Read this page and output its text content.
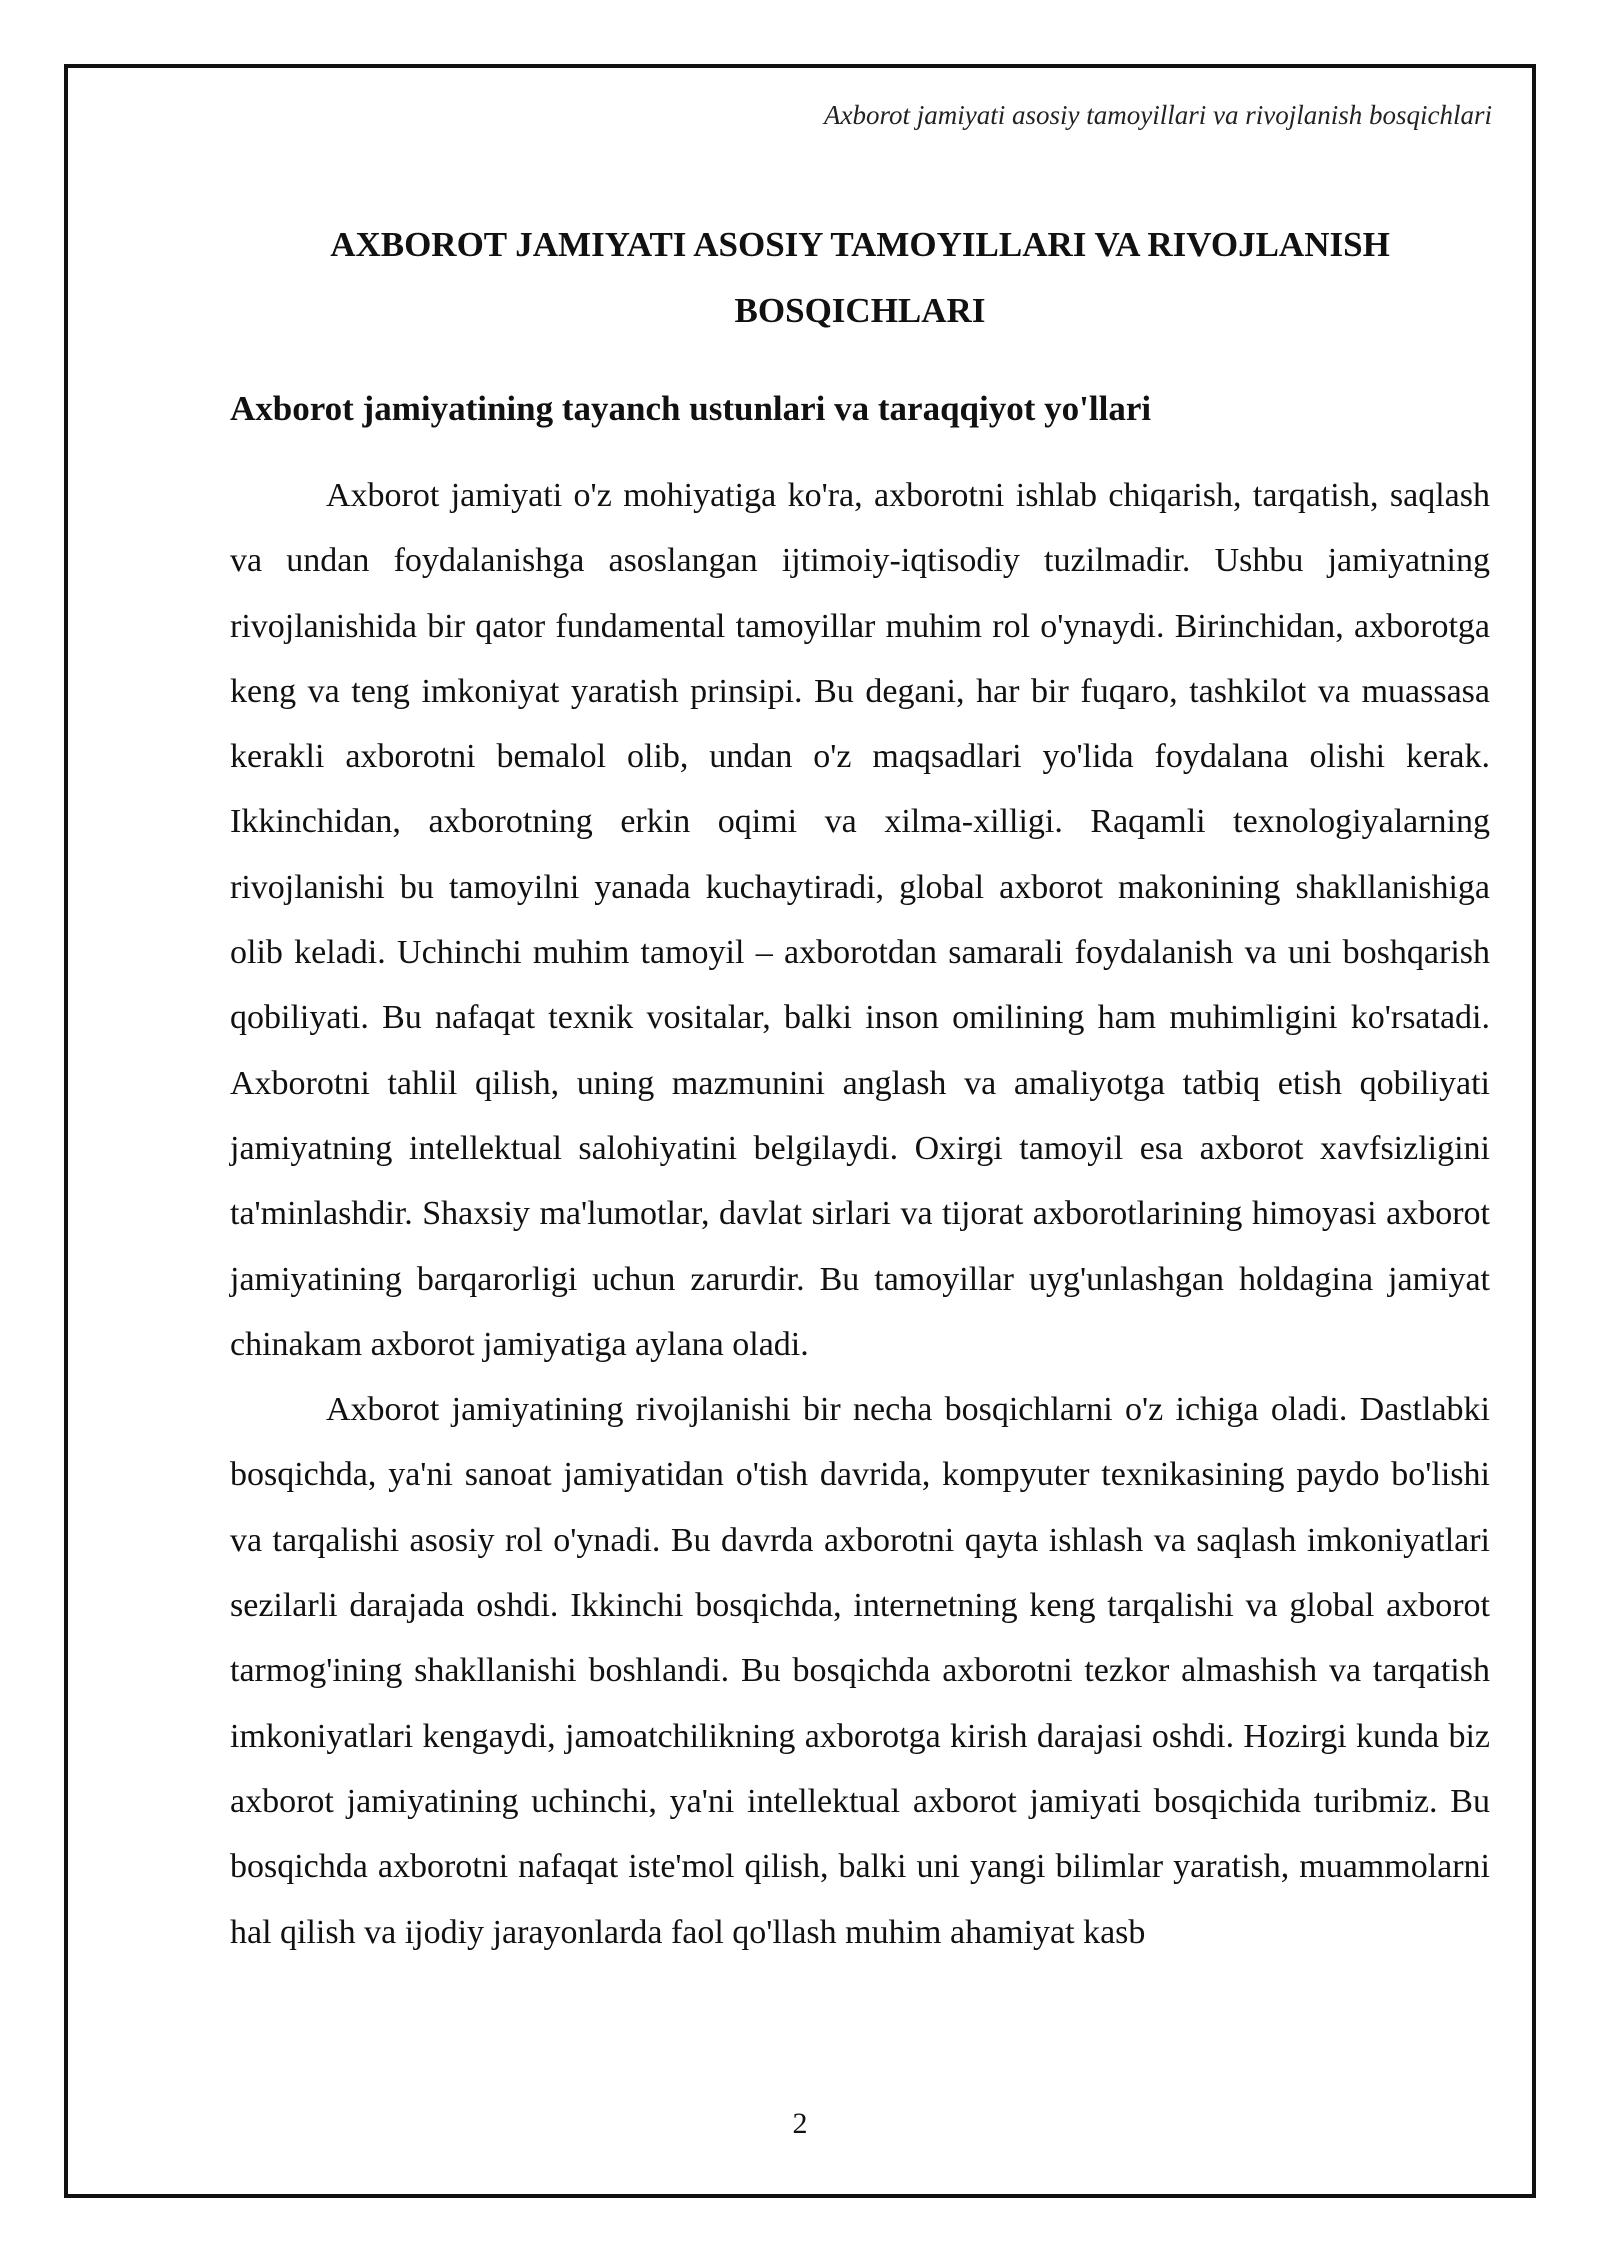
Axborot jamiyati asosiy tamoyillari va rivojlanish bosqichlari
AXBOROT JAMIYATI ASOSIY TAMOYILLARI VA RIVOJLANISH BOSQICHLARI
Axborot jamiyatining tayanch ustunlari va taraqqiyot yo'llari

Axborot jamiyati o'z mohiyatiga ko'ra, axborotni ishlab chiqarish, tarqatish, saqlash va undan foydalanishga asoslangan ijtimoiy-iqtisodiy tuzilmadir. Ushbu jamiyatning rivojlanishida bir qator fundamental tamoyillar muhim rol o'ynaydi. Birinchidan, axborotga keng va teng imkoniyat yaratish prinsipi. Bu degani, har bir fuqaro, tashkilot va muassasa kerakli axborotni bemalol olib, undan o'z maqsadlari yo'lida foydalana olishi kerak. Ikkinchidan, axborotning erkin oqimi va xilma-xilligi. Raqamli texnologiyalarning rivojlanishi bu tamoyilni yanada kuchaytiradi, global axborot makonining shakllanishiga olib keladi. Uchinchi muhim tamoyil – axborotdan samarali foydalanish va uni boshqarish qobiliyati. Bu nafaqat texnik vositalar, balki inson omilining ham muhimligini ko'rsatadi. Axborotni tahlil qilish, uning mazmunini anglash va amaliyotga tatbiq etish qobiliyati jamiyatning intellektual salohiyatini belgilaydi. Oxirgi tamoyil esa axborot xavfsizligini ta'minlashdir. Shaxsiy ma'lumotlar, davlat sirlari va tijorat axborotlarining himoyasi axborot jamiyatining barqarorligi uchun zarurdir. Bu tamoyillar uyg'unlashgan holdagina jamiyat chinakam axborot jamiyatiga aylana oladi.

Axborot jamiyatining rivojlanishi bir necha bosqichlarni o'z ichiga oladi. Dastlabki bosqichda, ya'ni sanoat jamiyatidan o'tish davrida, kompyuter texnikasining paydo bo'lishi va tarqalishi asosiy rol o'ynadi. Bu davrda axborotni qayta ishlash va saqlash imkoniyatlari sezilarli darajada oshdi. Ikkinchi bosqichda, internetning keng tarqalishi va global axborot tarmog'ining shakllanishi boshlandi. Bu bosqichda axborotni tezkor almashish va tarqatish imkoniyatlari kengaydi, jamoatchilikning axborotga kirish darajasi oshdi. Hozirgi kunda biz axborot jamiyatining uchinchi, ya'ni intellektual axborot jamiyati bosqichida turibmiz. Bu bosqichda axborotni nafaqat iste'mol qilish, balki uni yangi bilimlar yaratish, muammolarni hal qilish va ijodiy jarayonlarda faol qo'llash muhim ahamiyat kasb

2
